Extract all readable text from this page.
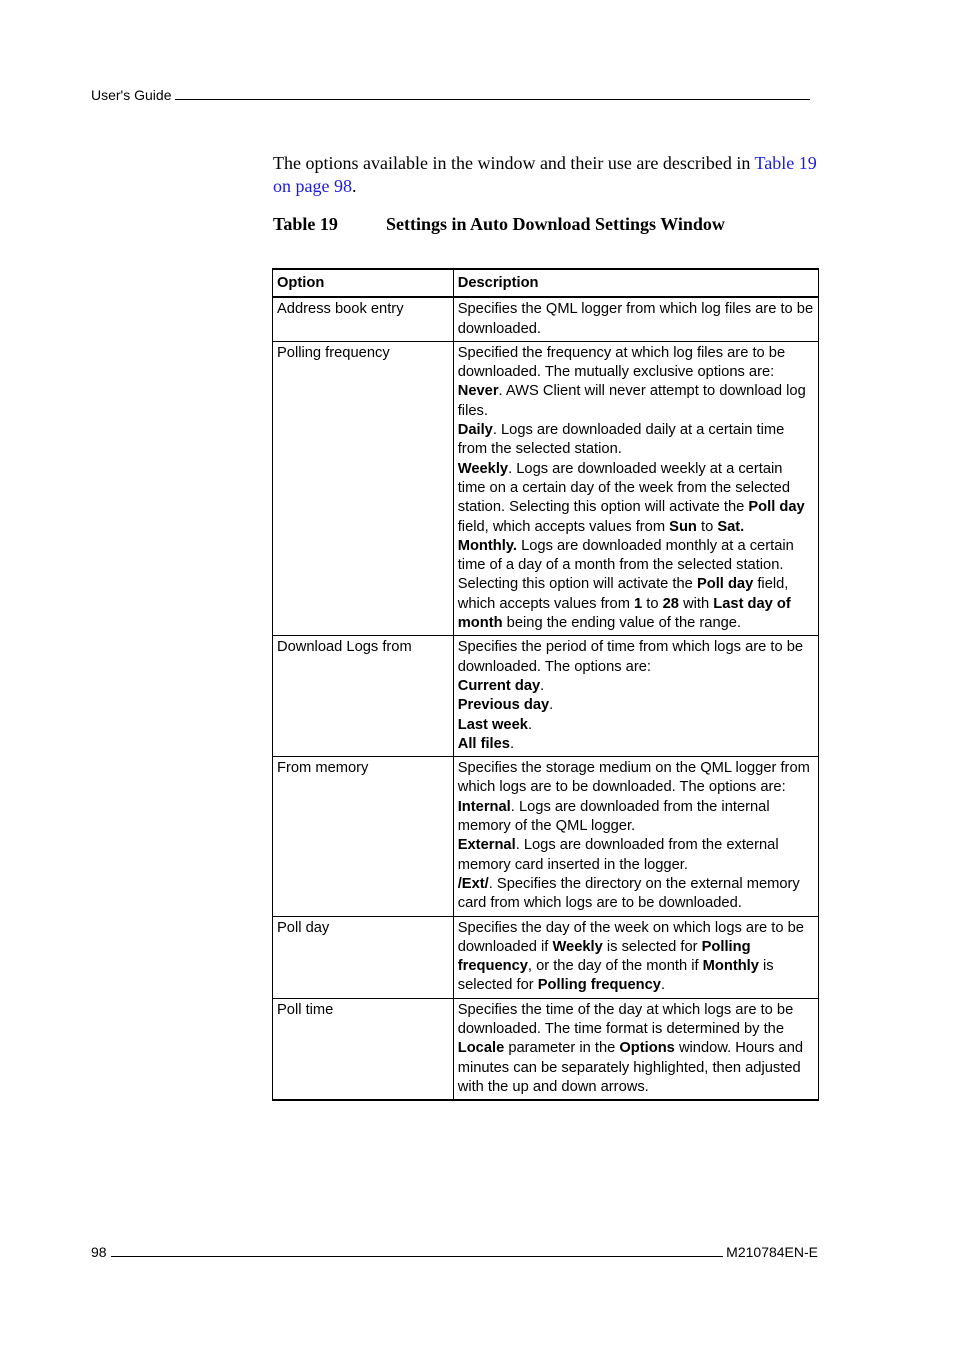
User's Guide

The options available in the window and their use are described in Table 19 on page 98.

Table 19	Settings in Auto Download Settings Window
Option	Description
Address book entry	Specifies the QML logger from which log files are to be downloaded.

Polling frequency	Specified the frequency at which log files are to be downloaded. The mutually exclusive options are:

Never. AWS Client will never attempt to download log files.

Daily. Logs are downloaded daily at a certain time from the selected station.

Weekly. Logs are downloaded weekly at a certain time on a certain day of the week from the selected station. Selecting this option will activate the Poll day field, which accepts values from Sun to Sat.

Monthly. Logs are downloaded monthly at a certain time of a day of a month from the selected station. Selecting this option will activate the Poll day field, which accepts values from 1 to 28 with Last day of month being the ending value of the range.

Download Logs from	Specifies the period of time from which logs are to be downloaded. The options are:

Current day.

Previous day.

Last week.

All files.

From memory	Specifies the storage medium on the QML logger from which logs are to be downloaded. The options are:

Internal. Logs are downloaded from the internal memory of the QML logger.

External. Logs are downloaded from the external memory card inserted in the logger.

/Ext/. Specifies the directory on the external memory card from which logs are to be downloaded.

Poll day	Specifies the day of the week on which logs are to be downloaded if Weekly is selected for Polling frequency, or the day of the month if Monthly is selected for Polling frequency.

Poll time	Specifies the time of the day at which logs are to be downloaded. The time format is determined by the Locale parameter in the Options window. Hours and minutes can be separately highlighted, then adjusted with the up and down arrows.

98	M210784EN-E
